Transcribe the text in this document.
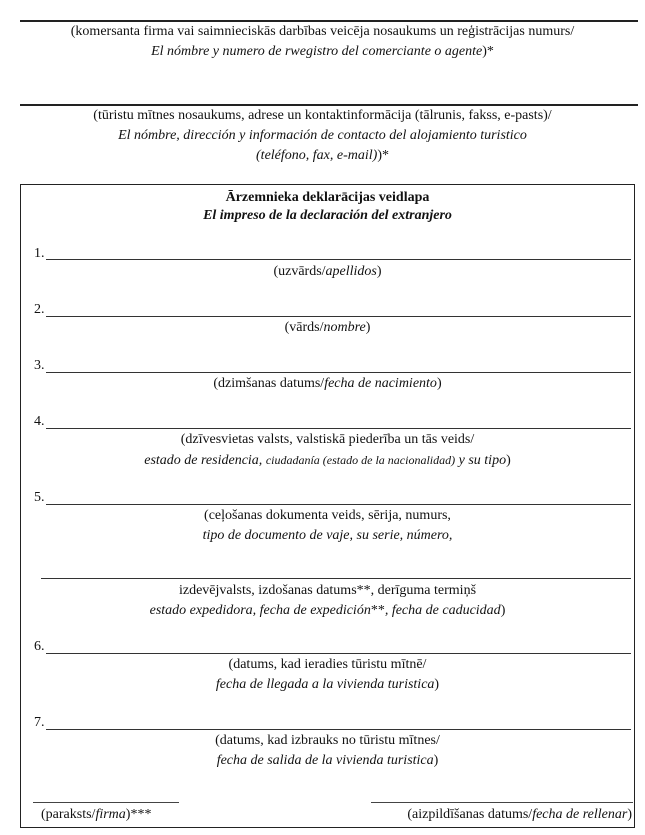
(komersanta firma vai saimnieciskās darbības veicēja nosaukums un reģistrācijas numurs/
El nómbre y numero de rwegistro del comerciante o agente)*
(tūristu mītnes nosaukums, adrese un kontaktinformācija (tālrunis, fakss, e-pasts)/
El nómbre, dirección y información de contacto del alojamiento turistico
(teléfono, fax, e-mail))*
Ārzemnieka deklarācijas veidlapa
El impreso de la declaración del extranjero
1.
(uzvārds/apellidos)
2.
(vārds/nombre)
3.
(dzimšanas datums/fecha de nacimiento)
4.
(dzīvesvietas valsts, valstiskā piederība un tās veids/
estado de residencia, ciudadanía (estado de la nacionalidad) y su tipo)
5.
(ceļošanas dokumenta veids, sērija, numurs,
tipo de documento de vaje, su serie, número,
izdevējvalsts, izdošanas datums**, derīguma termiņš
estado expedidora, fecha de expedición**, fecha de caducidad)
6.
(datums, kad ieradies tūristu mītnē/
fecha de llegada a la vivienda turistica)
7.
(datums, kad izbrauks no tūristu mītnes/
fecha de salida de la vivienda turistica)
(paraksts/firma)***	(aizpildīšanas datums/fecha de rellenar)
